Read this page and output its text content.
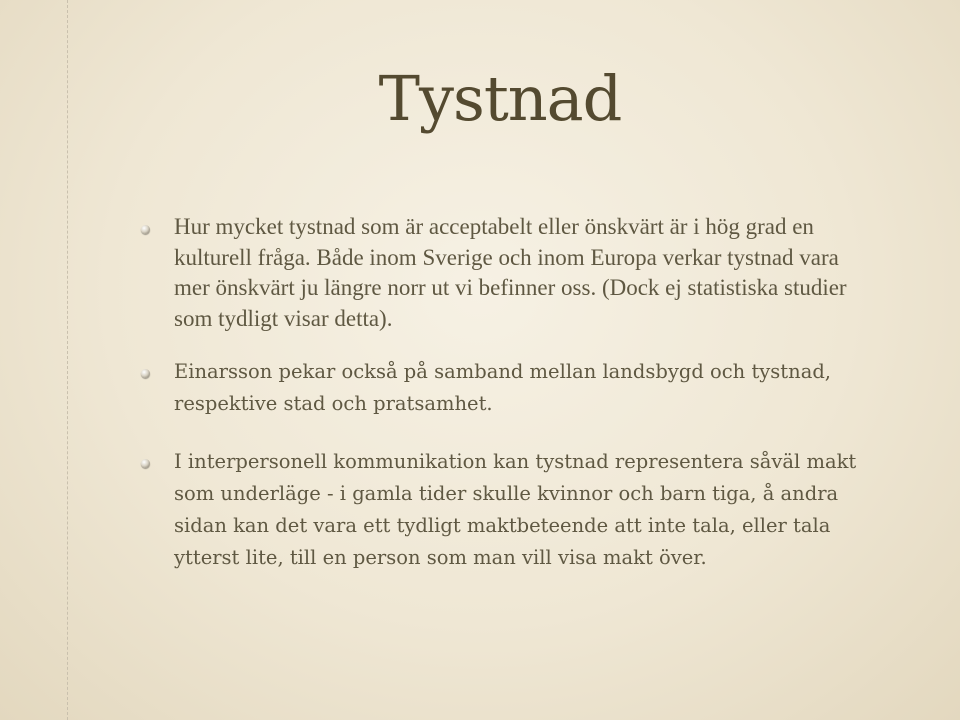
Tystnad
Hur mycket tystnad som är acceptabelt eller önskvärt är i hög grad en kulturell fråga. Både inom Sverige och inom Europa verkar tystnad vara mer önskvärt ju längre norr ut vi befinner oss. (Dock ej statistiska studier som tydligt visar detta).
Einarsson pekar också på samband mellan landsbygd och tystnad, respektive stad och pratsamhet.
I interpersonell kommunikation kan tystnad representera såväl makt som underläge - i gamla tider skulle kvinnor och barn tiga, å andra sidan kan det vara ett tydligt maktbeteende att inte tala, eller tala ytterst lite, till en person som man vill visa makt över.
